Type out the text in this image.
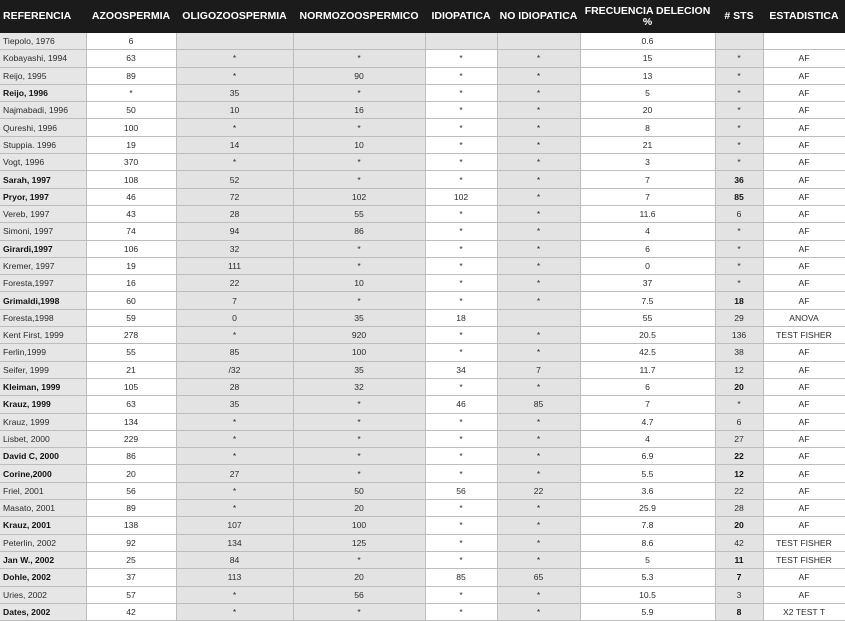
REFERENCIA	AZOOSPERMIA	OLIGOZOOSPERMIA	NORMOZOOSPERMICO	IDIOPATICA	NO IDIOPATICA	FRECUENCIA DELECION %	# STS	ESTADISTICA
Tiepolo, 1976	6					0.6		
Kobayashi, 1994	63	*	*	*	*	15	*	AF
Reijo, 1995	89	*	90	*	*	13	*	AF
Reijo, 1996	*	35	*	*	*	5	*	AF
Najmabadi, 1996	50	10	16	*	*	20	*	AF
Qureshi, 1996	100	*	*	*	*	8	*	AF
Stuppia. 1996	19	14	10	*	*	21	*	AF
Vogt, 1996	370	*	*	*	*	3	*	AF
Sarah, 1997	108	52	*	*	*	7	36	AF
Pryor, 1997	46	72	102	102	*	7	85	AF
Vereb, 1997	43	28	55	*	*	11.6	6	AF
Simoni, 1997	74	94	86	*	*	4	*	AF
Girardi,1997	106	32	*	*	*	6	*	AF
Kremer, 1997	19	111	*	*	*	0	*	AF
Foresta,1997	16	22	10	*	*	37	*	AF
Grimaldi,1998	60	7	*	*	*	7.5	18	AF
Foresta,1998	59	0	35	18		55	29	ANOVA
Kent First, 1999	278	*	920	*	*	20.5	136	TEST FISHER
Ferlin,1999	55	85	100	*	*	42.5	38	AF
Seifer, 1999	21	/32	35	34	7	11.7	12	AF
Kleiman, 1999	105	28	32	*	*	6	20	AF
Krauz, 1999	63	35	*	46	85	7	*	AF
Krauz, 1999	134	*	*	*	*	4.7	6	AF
Lisbet, 2000	229	*	*	*	*	4	27	AF
David C, 2000	86	*	*	*	*	6.9	22	AF
Corine,2000	20	27	*	*	*	5.5	12	AF
Friel, 2001	56	*	50	56	22	3.6	22	AF
Masato, 2001	89	*	20	*	*	25.9	28	AF
Krauz, 2001	138	107	100	*	*	7.8	20	AF
Peterlin, 2002	92	134	125	*	*	8.6	42	TEST FISHER
Jan W., 2002	25	84	*	*	*	5	11	TEST FISHER
Dohle, 2002	37	113	20	85	65	5.3	7	AF
Uries, 2002	57	*	56	*	*	10.5	3	AF
Dates, 2002	42	*	*	*	*	5.9	8	X2 TEST T
